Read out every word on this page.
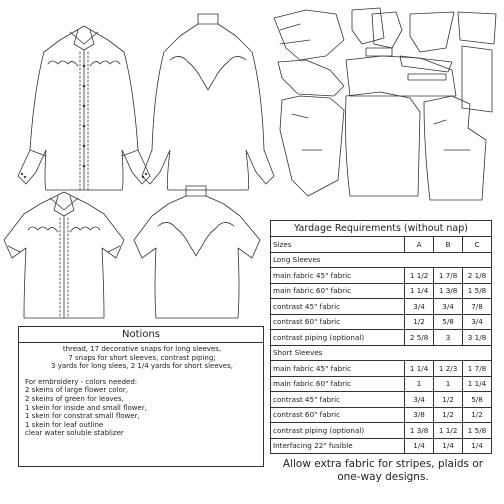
Notions
thread, 17 decorative snaps for long sleeves,
7 snaps for short sleeves, contrast piping;
3 yards for long slees, 2 1/4 yards for short sleeves,
For embroidery - colors needed:
2 skeins of large flower color,
2 skeins of green for leaves,
1 skein for inside and small flower,
1 skein for constrat small flower,
1 skein for leaf outline
clear water soluble stablizer
Yardage Requirements (without nap)
Sizes	A	B	C
Long Sleeves			
main fabric 45" fabric	1 1/2	1 7/8	2 1/8
main fabric 60" fabric	1 1/4	1 3/8	1 5/8
contrast 45" fabric	3/4	3/4	7/8
contrast 60" fabric	1/2	5/8	3/4
contrast piping (optional)	2 5/8	3	3 1/8
Short Sleeves			
main fabric 45" fabric	1 1/4	1 2/3	1 7/8
main fabric 60" fabric	1	1	1 1/4
contrast 45" fabric	3/4	1/2	5/8
contrast 60" fabric	3/8	1/2	1/2
contrast piping (optional)	1 3/8	1 1/2	1 5/8
Interfacing 22" fusible	1/4	1/4	1/4
Allow extra fabric for stripes, plaids or
one-way designs.
